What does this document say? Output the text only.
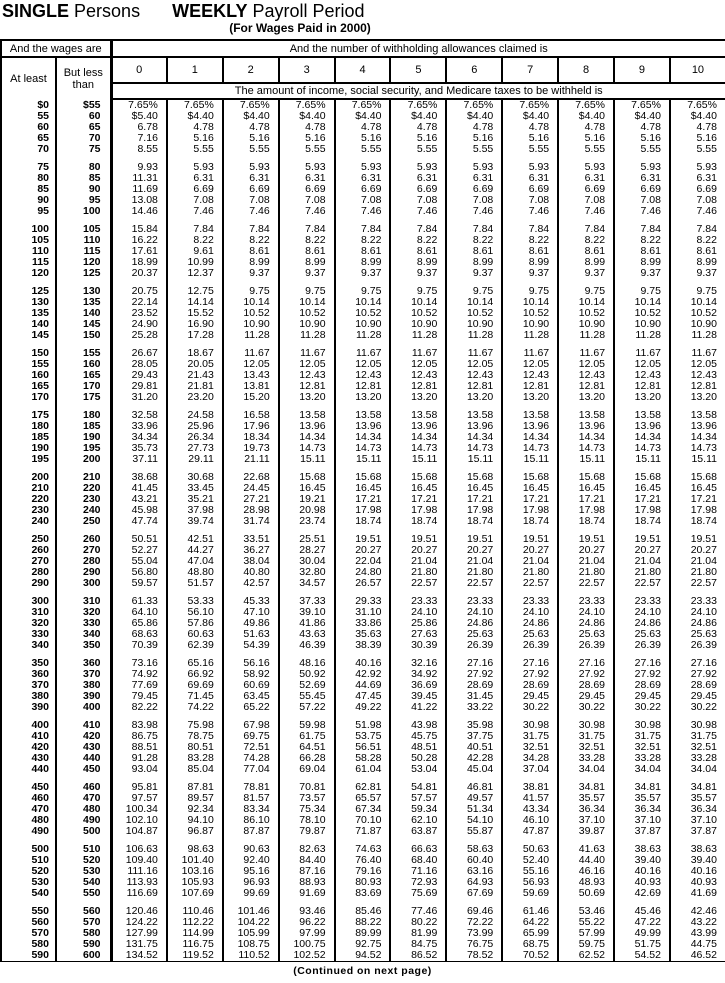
SINGLE Persons WEEKLY Payroll Period
(For Wages Paid in 2000)
And the wages are		And the number of withholding allowances claimed is										
At least	But less
than	0	1	2	3	4	5	6	7	8	9	10
		The amount of income, social security, and Medicare taxes to be withheld is										
$0	$55	7.65%	7.65%	7.65%	7.65%	7.65%	7.65%	7.65%	7.65%	7.65%	7.65%	7.65%
55	60	$5.40	$4.40	$4.40	$4.40	$4.40	$4.40	$4.40	$4.40	$4.40	$4.40	$4.40
60	65	6.78	4.78	4.78	4.78	4.78	4.78	4.78	4.78	4.78	4.78	4.78
65	70	7.16	5.16	5.16	5.16	5.16	5.16	5.16	5.16	5.16	5.16	5.16
70	75	8.55	5.55	5.55	5.55	5.55	5.55	5.55	5.55	5.55	5.55	5.55
75	80	9.93	5.93	5.93	5.93	5.93	5.93	5.93	5.93	5.93	5.93	5.93
80	85	11.31	6.31	6.31	6.31	6.31	6.31	6.31	6.31	6.31	6.31	6.31
85	90	11.69	6.69	6.69	6.69	6.69	6.69	6.69	6.69	6.69	6.69	6.69
90	95	13.08	7.08	7.08	7.08	7.08	7.08	7.08	7.08	7.08	7.08	7.08
95	100	14.46	7.46	7.46	7.46	7.46	7.46	7.46	7.46	7.46	7.46	7.46
100	105	15.84	7.84	7.84	7.84	7.84	7.84	7.84	7.84	7.84	7.84	7.84
105	110	16.22	8.22	8.22	8.22	8.22	8.22	8.22	8.22	8.22	8.22	8.22
110	115	17.61	9.61	8.61	8.61	8.61	8.61	8.61	8.61	8.61	8.61	8.61
115	120	18.99	10.99	8.99	8.99	8.99	8.99	8.99	8.99	8.99	8.99	8.99
120	125	20.37	12.37	9.37	9.37	9.37	9.37	9.37	9.37	9.37	9.37	9.37
125	130	20.75	12.75	9.75	9.75	9.75	9.75	9.75	9.75	9.75	9.75	9.75
130	135	22.14	14.14	10.14	10.14	10.14	10.14	10.14	10.14	10.14	10.14	10.14
135	140	23.52	15.52	10.52	10.52	10.52	10.52	10.52	10.52	10.52	10.52	10.52
140	145	24.90	16.90	10.90	10.90	10.90	10.90	10.90	10.90	10.90	10.90	10.90
145	150	25.28	17.28	11.28	11.28	11.28	11.28	11.28	11.28	11.28	11.28	11.28
150	155	26.67	18.67	11.67	11.67	11.67	11.67	11.67	11.67	11.67	11.67	11.67
155	160	28.05	20.05	12.05	12.05	12.05	12.05	12.05	12.05	12.05	12.05	12.05
160	165	29.43	21.43	13.43	12.43	12.43	12.43	12.43	12.43	12.43	12.43	12.43
165	170	29.81	21.81	13.81	12.81	12.81	12.81	12.81	12.81	12.81	12.81	12.81
170	175	31.20	23.20	15.20	13.20	13.20	13.20	13.20	13.20	13.20	13.20	13.20
175	180	32.58	24.58	16.58	13.58	13.58	13.58	13.58	13.58	13.58	13.58	13.58
180	185	33.96	25.96	17.96	13.96	13.96	13.96	13.96	13.96	13.96	13.96	13.96
185	190	34.34	26.34	18.34	14.34	14.34	14.34	14.34	14.34	14.34	14.34	14.34
190	195	35.73	27.73	19.73	14.73	14.73	14.73	14.73	14.73	14.73	14.73	14.73
195	200	37.11	29.11	21.11	15.11	15.11	15.11	15.11	15.11	15.11	15.11	15.11
200	210	38.68	30.68	22.68	15.68	15.68	15.68	15.68	15.68	15.68	15.68	15.68
210	220	41.45	33.45	24.45	16.45	16.45	16.45	16.45	16.45	16.45	16.45	16.45
220	230	43.21	35.21	27.21	19.21	17.21	17.21	17.21	17.21	17.21	17.21	17.21
230	240	45.98	37.98	28.98	20.98	17.98	17.98	17.98	17.98	17.98	17.98	17.98
240	250	47.74	39.74	31.74	23.74	18.74	18.74	18.74	18.74	18.74	18.74	18.74
250	260	50.51	42.51	33.51	25.51	19.51	19.51	19.51	19.51	19.51	19.51	19.51
260	270	52.27	44.27	36.27	28.27	20.27	20.27	20.27	20.27	20.27	20.27	20.27
270	280	55.04	47.04	38.04	30.04	22.04	21.04	21.04	21.04	21.04	21.04	21.04
280	290	56.80	48.80	40.80	32.80	24.80	21.80	21.80	21.80	21.80	21.80	21.80
290	300	59.57	51.57	42.57	34.57	26.57	22.57	22.57	22.57	22.57	22.57	22.57
300	310	61.33	53.33	45.33	37.33	29.33	23.33	23.33	23.33	23.33	23.33	23.33
310	320	64.10	56.10	47.10	39.10	31.10	24.10	24.10	24.10	24.10	24.10	24.10
320	330	65.86	57.86	49.86	41.86	33.86	25.86	24.86	24.86	24.86	24.86	24.86
330	340	68.63	60.63	51.63	43.63	35.63	27.63	25.63	25.63	25.63	25.63	25.63
340	350	70.39	62.39	54.39	46.39	38.39	30.39	26.39	26.39	26.39	26.39	26.39
350	360	73.16	65.16	56.16	48.16	40.16	32.16	27.16	27.16	27.16	27.16	27.16
360	370	74.92	66.92	58.92	50.92	42.92	34.92	27.92	27.92	27.92	27.92	27.92
370	380	77.69	69.69	60.69	52.69	44.69	36.69	28.69	28.69	28.69	28.69	28.69
380	390	79.45	71.45	63.45	55.45	47.45	39.45	31.45	29.45	29.45	29.45	29.45
390	400	82.22	74.22	65.22	57.22	49.22	41.22	33.22	30.22	30.22	30.22	30.22
400	410	83.98	75.98	67.98	59.98	51.98	43.98	35.98	30.98	30.98	30.98	30.98
410	420	86.75	78.75	69.75	61.75	53.75	45.75	37.75	31.75	31.75	31.75	31.75
420	430	88.51	80.51	72.51	64.51	56.51	48.51	40.51	32.51	32.51	32.51	32.51
430	440	91.28	83.28	74.28	66.28	58.28	50.28	42.28	34.28	33.28	33.28	33.28
440	450	93.04	85.04	77.04	69.04	61.04	53.04	45.04	37.04	34.04	34.04	34.04
450	460	95.81	87.81	78.81	70.81	62.81	54.81	46.81	38.81	34.81	34.81	34.81
460	470	97.57	89.57	81.57	73.57	65.57	57.57	49.57	41.57	35.57	35.57	35.57
470	480	100.34	92.34	83.34	75.34	67.34	59.34	51.34	43.34	36.34	36.34	36.34
480	490	102.10	94.10	86.10	78.10	70.10	62.10	54.10	46.10	37.10	37.10	37.10
490	500	104.87	96.87	87.87	79.87	71.87	63.87	55.87	47.87	39.87	37.87	37.87
500	510	106.63	98.63	90.63	82.63	74.63	66.63	58.63	50.63	41.63	38.63	38.63
510	520	109.40	101.40	92.40	84.40	76.40	68.40	60.40	52.40	44.40	39.40	39.40
520	530	111.16	103.16	95.16	87.16	79.16	71.16	63.16	55.16	46.16	40.16	40.16
530	540	113.93	105.93	96.93	88.93	80.93	72.93	64.93	56.93	48.93	40.93	40.93
540	550	116.69	107.69	99.69	91.69	83.69	75.69	67.69	59.69	50.69	42.69	41.69
550	560	120.46	110.46	101.46	93.46	85.46	77.46	69.46	61.46	53.46	45.46	42.46
560	570	124.22	112.22	104.22	96.22	88.22	80.22	72.22	64.22	55.22	47.22	43.22
570	580	127.99	114.99	105.99	97.99	89.99	81.99	73.99	65.99	57.99	49.99	43.99
580	590	131.75	116.75	108.75	100.75	92.75	84.75	76.75	68.75	59.75	51.75	44.75
590	600	134.52	119.52	110.52	102.52	94.52	86.52	78.52	70.52	62.52	54.52	46.52
(Continued on next page)
